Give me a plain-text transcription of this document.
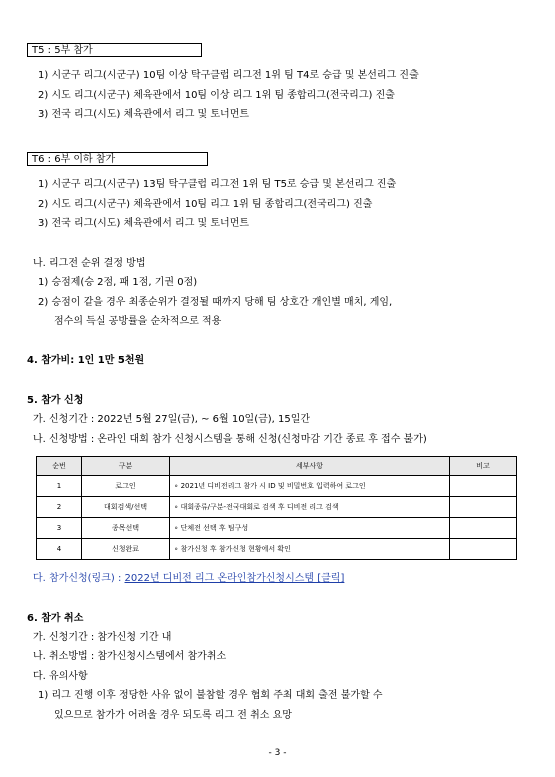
T5 : 5부 참가
1) 시군구 리그(시군구) 10팀 이상 탁구클럽 리그전 1위 팀 T4로 승급 및 본선리그 진출
2) 시도 리그(시군구) 체육관에서 10팀 이상 리그 1위 팀 종합리그(전국리그) 진출
3) 전국 리그(시도) 체육관에서 리그 및 토너먼트
T6 : 6부 이하 참가
1) 시군구 리그(시군구) 13팀 탁구클럽 리그전 1위 팀 T5로 승급 및 본선리그 진출
2) 시도 리그(시군구) 체육관에서 10팀 리그 1위 팀 종합리그(전국리그) 진출
3) 전국 리그(시도) 체육관에서 리그 및 토너먼트
나. 리그전 순위 결정 방법
1) 승점제(승 2점, 패 1점, 기권 0점)
2) 승점이 같을 경우 최종순위가 결정될 때까지 당해 팀 상호간 개인별 매치, 게임,
점수의 득실 공방률을 순차적으로 적용
4. 참가비: 1인 1만 5천원
5. 참가 신청
가. 신청기간 : 2022년 5월 27일(금), ~ 6월 10일(금), 15일간
나. 신청방법 : 온라인 대회 참가 신청시스템을 통해 신청(신청마감 기간 종료 후 접수 불가)
순번	구분	세부사항	비고
1	로그인	∘ 2021년 디비전리그 참가 시 ID 및 비밀번호 입력하여 로그인	
2	대회검색/선택	∘ 대회종류/구분-전국대회로 검색 후 디비전 리그 검색	
3	종목선택	∘ 단체전 선택 후 팀구성	
4	신청완료	∘ 참가신청 후 참가신청 현황에서 확인	
다. 참가신청(링크) : 2022년 디비전 리그 온라인참가신청시스템 [클릭]
6. 참가 취소
가. 신청기간 : 참가신청 기간 내
나. 취소방법 : 참가신청시스템에서 참가취소
다. 유의사항
1) 리그 진행 이후 정당한 사유 없이 불참할 경우 협회 주최 대회 출전 불가할 수
있으므로 참가가 어려울 경우 되도록 리그 전 취소 요망
- 3 -
